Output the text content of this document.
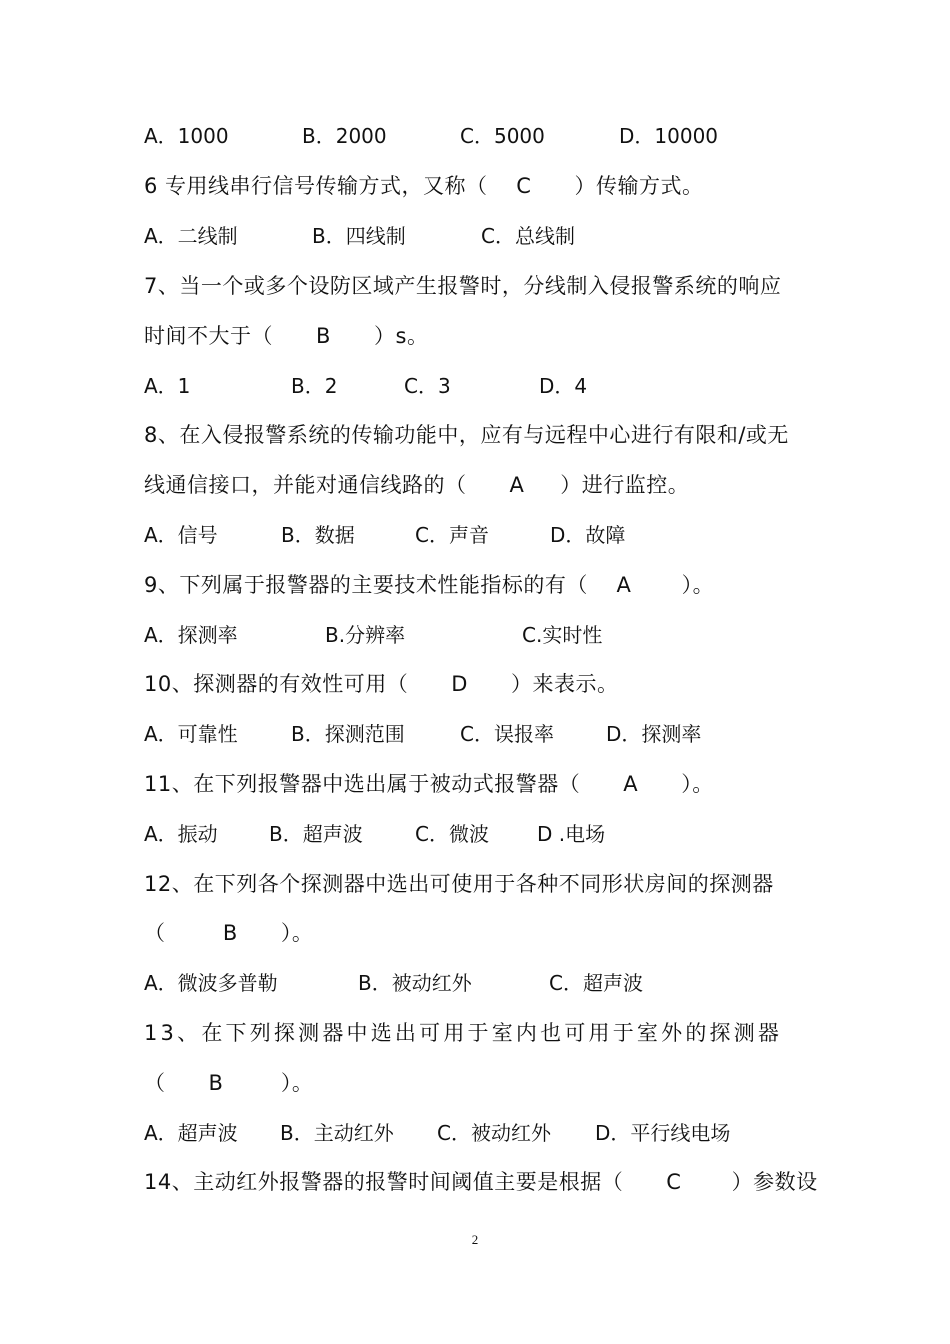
A．1000	B．2000	C．5000	D．10000
6 专用线串行信号传输方式，又称（    C      ）传输方式。
A．二线制	B．四线制	C．总线制
7、当一个或多个设防区域产生报警时，分线制入侵报警系统的响应
时间不大于（      B      ）s。
A．1	B．2	C．3	D．4
8、在入侵报警系统的传输功能中，应有与远程中心进行有限和/或无
线通信接口，并能对通信线路的（      A     ）进行监控。
A．信号	B．数据	C．声音	D．故障
9、下列属于报警器的主要技术性能指标的有（    A       ）。
A．探测率	B.分辨率	C.实时性
10、探测器的有效性可用（      D      ）来表示。
A．可靠性	B．探测范围	C．误报率	D．探测率
11、在下列报警器中选出属于被动式报警器（      A      ）。
A．振动	B．超声波	C．微波 D .电场
12、在下列各个探测器中选出可使用于各种不同形状房间的探测器
（        B      ）。
A．微波多普勒	B．被动红外	C．超声波
13、在下列探测器中选出可用于室内也可用于室外的探测器
（      B        ）。
A．超声波 B．主动红外 C．被动红外 D．平行线电场
14、主动红外报警器的报警时间阈值主要是根据（      C       ）参数设
2
